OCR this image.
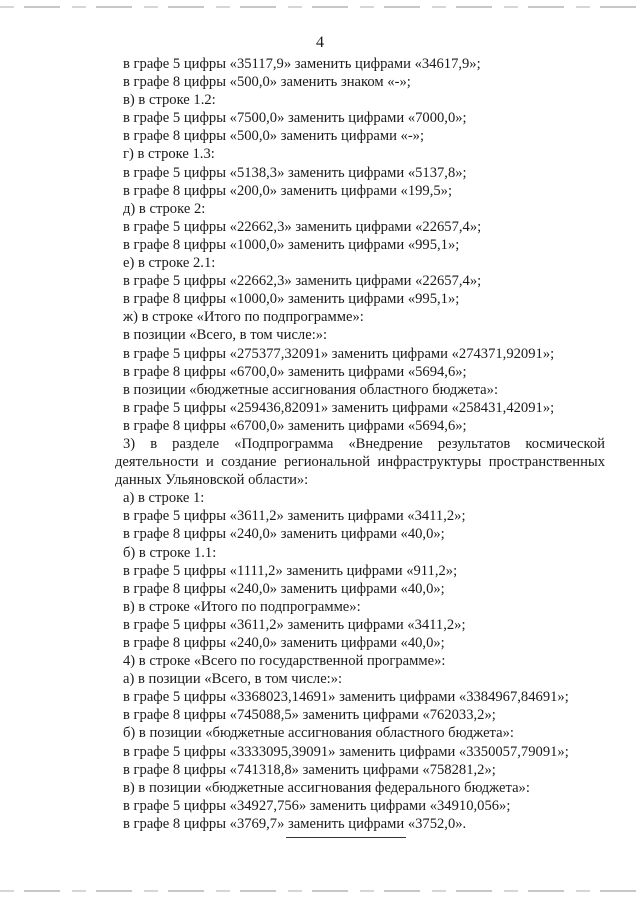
4
в графе 5 цифры «35117,9» заменить цифрами «34617,9»;
в графе 8 цифры «500,0» заменить знаком «-»;
в) в строке 1.2:
в графе 5 цифры «7500,0» заменить цифрами «7000,0»;
в графе 8 цифры «500,0» заменить цифрами «-»;
г) в строке 1.3:
в графе 5 цифры «5138,3» заменить цифрами «5137,8»;
в графе 8 цифры «200,0» заменить цифрами «199,5»;
д) в строке 2:
в графе 5 цифры «22662,3» заменить цифрами «22657,4»;
в графе 8 цифры «1000,0» заменить цифрами «995,1»;
е) в строке 2.1:
в графе 5 цифры «22662,3» заменить цифрами «22657,4»;
в графе 8 цифры «1000,0» заменить цифрами «995,1»;
ж) в строке «Итого по подпрограмме»:
в позиции «Всего, в том числе:»:
в графе 5 цифры «275377,32091» заменить цифрами «274371,92091»;
в графе 8 цифры «6700,0» заменить цифрами «5694,6»;
в позиции «бюджетные ассигнования областного бюджета»:
в графе 5 цифры «259436,82091» заменить цифрами «258431,42091»;
в графе 8 цифры «6700,0» заменить цифрами «5694,6»;
3) в разделе «Подпрограмма «Внедрение результатов космической
деятельности и создание региональной инфраструктуры пространственных
данных Ульяновской области»:
а) в строке 1:
в графе 5 цифры «3611,2» заменить цифрами «3411,2»;
в графе 8 цифры «240,0» заменить цифрами «40,0»;
б) в строке 1.1:
в графе 5 цифры «1111,2» заменить цифрами «911,2»;
в графе 8 цифры «240,0» заменить цифрами «40,0»;
в) в строке «Итого по подпрограмме»:
в графе 5 цифры «3611,2» заменить цифрами «3411,2»;
в графе 8 цифры «240,0» заменить цифрами «40,0»;
4) в строке «Всего по государственной программе»:
а) в позиции «Всего, в том числе:»:
в графе 5 цифры «3368023,14691» заменить цифрами «3384967,84691»;
в графе 8 цифры «745088,5» заменить цифрами «762033,2»;
б) в позиции «бюджетные ассигнования областного бюджета»:
в графе 5 цифры «3333095,39091» заменить цифрами «3350057,79091»;
в графе 8 цифры «741318,8» заменить цифрами «758281,2»;
в) в позиции «бюджетные ассигнования федерального бюджета»:
в графе 5 цифры «34927,756» заменить цифрами «34910,056»;
в графе 8 цифры «3769,7» заменить цифрами «3752,0».
